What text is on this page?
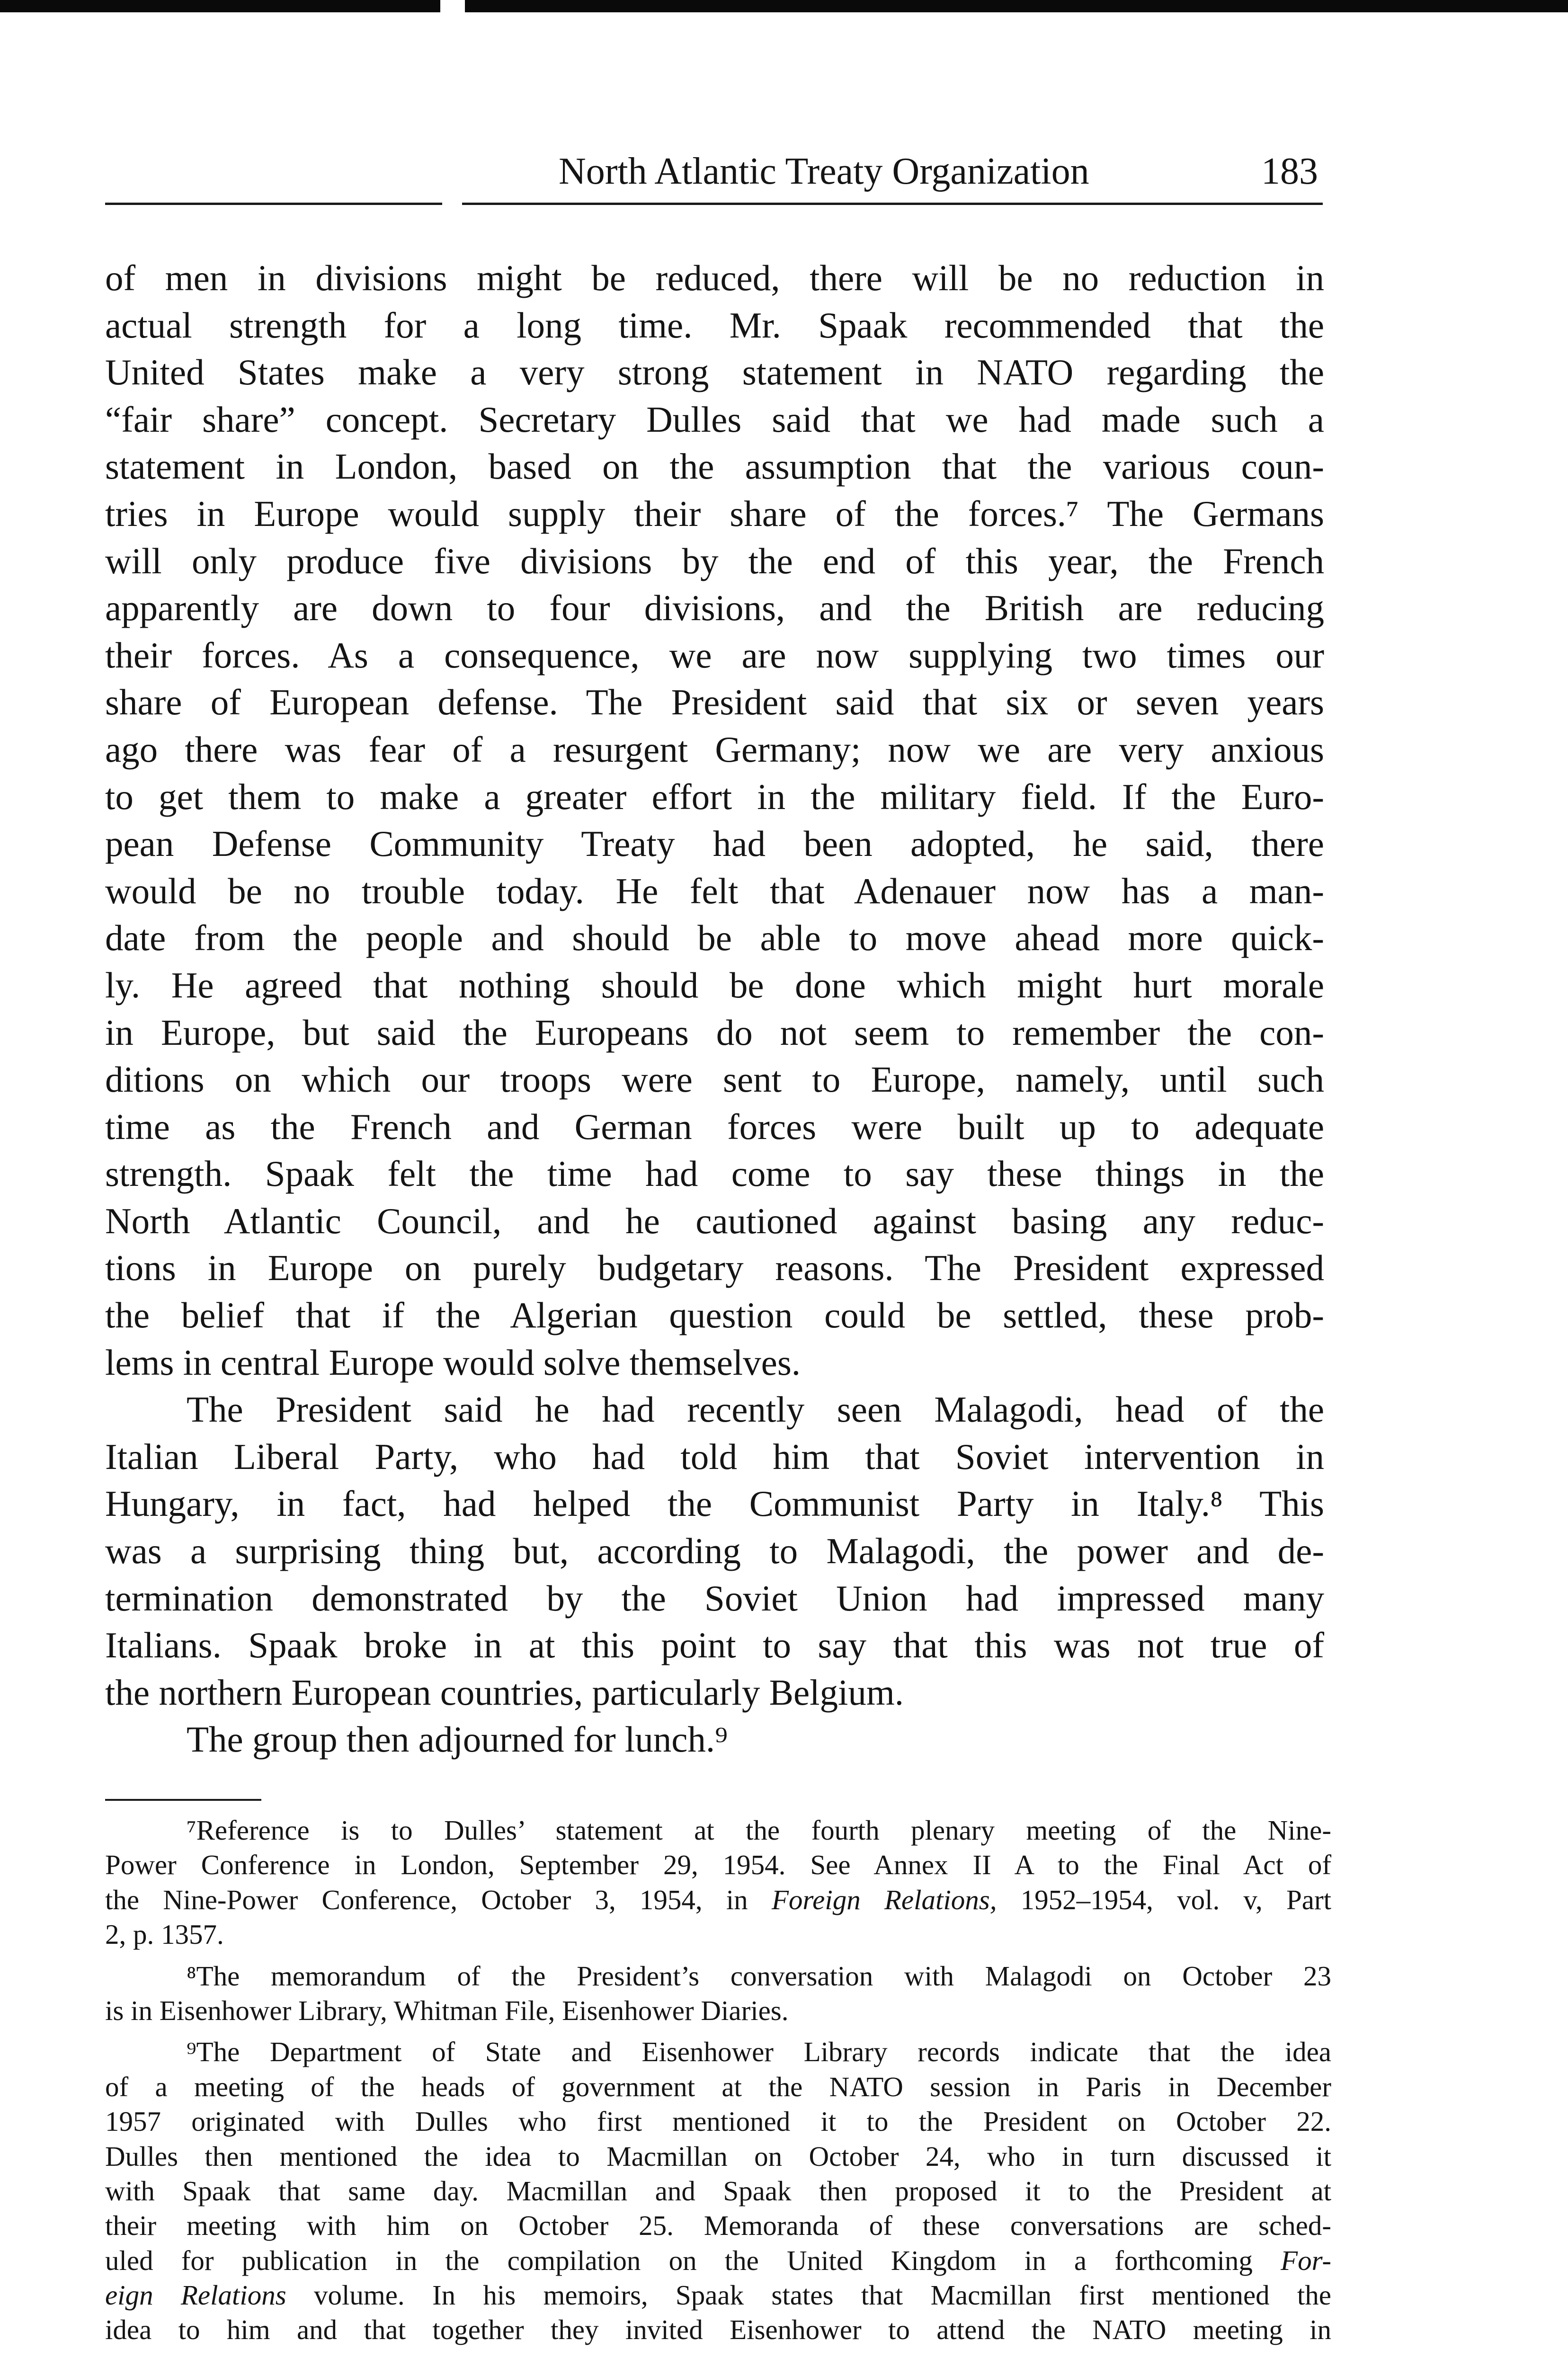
North Atlantic Treaty Organization	183
of men in divisions might be reduced, there will be no reduction in
actual strength for a long time. Mr. Spaak recommended that the
United States make a very strong statement in NATO regarding the
“fair share” concept. Secretary Dulles said that we had made such a
statement in London, based on the assumption that the various coun-
tries in Europe would supply their share of the forces.⁷ The Germans
will only produce five divisions by the end of this year, the French
apparently are down to four divisions, and the British are reducing
their forces. As a consequence, we are now supplying two times our
share of European defense. The President said that six or seven years
ago there was fear of a resurgent Germany; now we are very anxious
to get them to make a greater effort in the military field. If the Euro-
pean Defense Community Treaty had been adopted, he said, there
would be no trouble today. He felt that Adenauer now has a man-
date from the people and should be able to move ahead more quick-
ly. He agreed that nothing should be done which might hurt morale
in Europe, but said the Europeans do not seem to remember the con-
ditions on which our troops were sent to Europe, namely, until such
time as the French and German forces were built up to adequate
strength. Spaak felt the time had come to say these things in the
North Atlantic Council, and he cautioned against basing any reduc-
tions in Europe on purely budgetary reasons. The President expressed
the belief that if the Algerian question could be settled, these prob-
lems in central Europe would solve themselves.
The President said he had recently seen Malagodi, head of the
Italian Liberal Party, who had told him that Soviet intervention in
Hungary, in fact, had helped the Communist Party in Italy.⁸ This
was a surprising thing but, according to Malagodi, the power and de-
termination demonstrated by the Soviet Union had impressed many
Italians. Spaak broke in at this point to say that this was not true of
the northern European countries, particularly Belgium.
The group then adjourned for lunch.⁹
⁷Reference is to Dulles’ statement at the fourth plenary meeting of the Nine-
Power Conference in London, September 29, 1954. See Annex II A to the Final Act of
the Nine-Power Conference, October 3, 1954, in Foreign Relations, 1952–1954, vol. v, Part
2, p. 1357.
⁸The memorandum of the President’s conversation with Malagodi on October 23
is in Eisenhower Library, Whitman File, Eisenhower Diaries.
⁹The Department of State and Eisenhower Library records indicate that the idea
of a meeting of the heads of government at the NATO session in Paris in December
1957 originated with Dulles who first mentioned it to the President on October 22.
Dulles then mentioned the idea to Macmillan on October 24, who in turn discussed it
with Spaak that same day. Macmillan and Spaak then proposed it to the President at
their meeting with him on October 25. Memoranda of these conversations are sched-
uled for publication in the compilation on the United Kingdom in a forthcoming For-
eign Relations volume. In his memoirs, Spaak states that Macmillan first mentioned the
idea to him and that together they invited Eisenhower to attend the NATO meeting in
